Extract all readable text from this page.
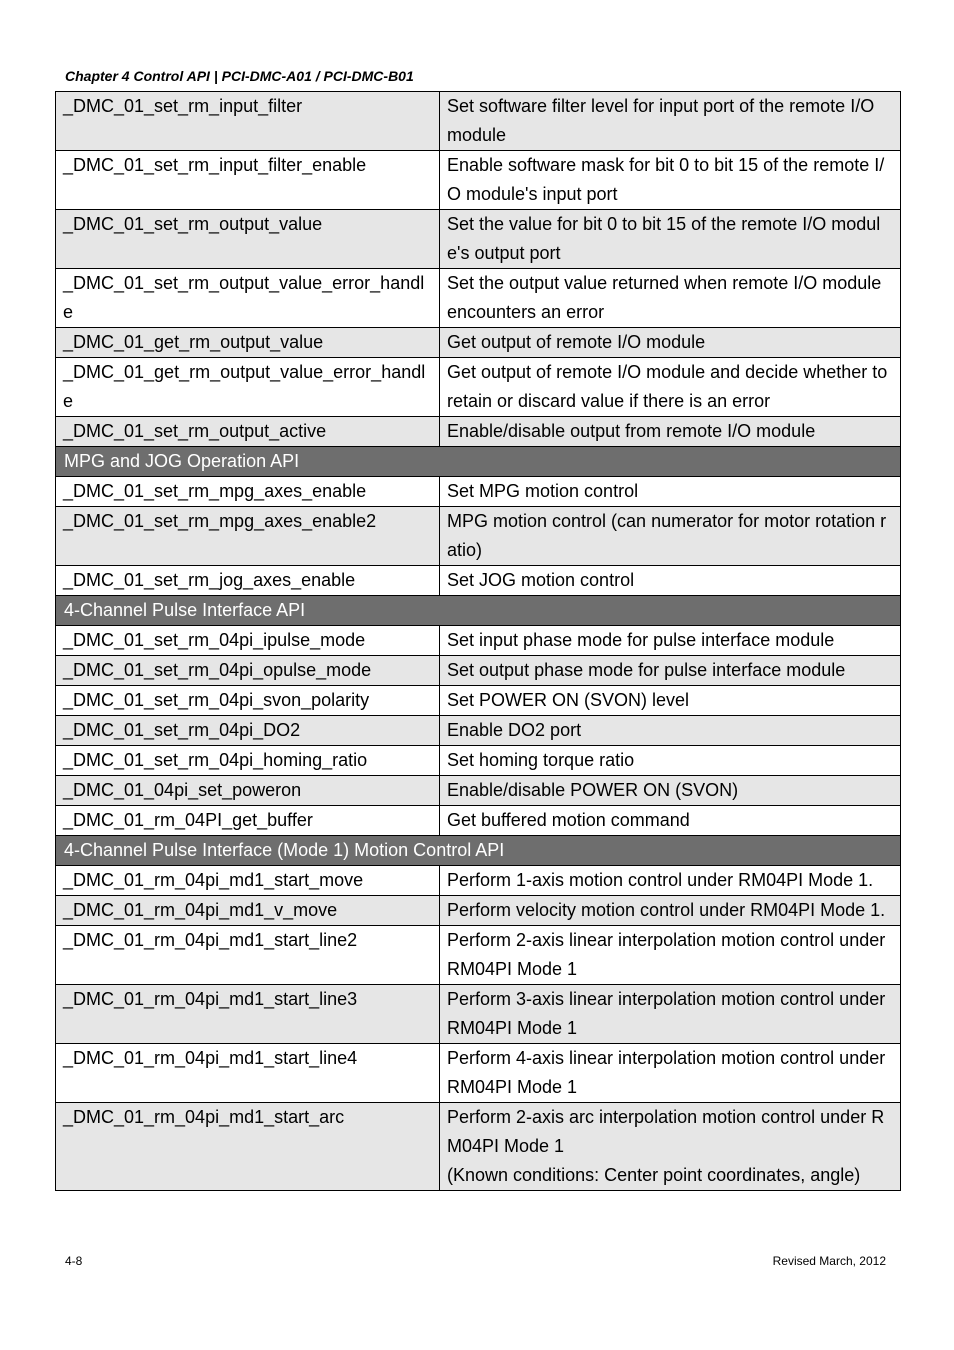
Chapter 4 Control API | PCI-DMC-A01 / PCI-DMC-B01
_DMC_01_set_rm_input_filter	Set software filter level for input port of the remote I/O module
_DMC_01_set_rm_input_filter_enable	Enable software mask for bit 0 to bit 15 of the remote I/O module's input port
_DMC_01_set_rm_output_value	Set the value for bit 0 to bit 15 of the remote I/O module's output port
_DMC_01_set_rm_output_value_error_handle	Set the output value returned when remote I/O module encounters an error
_DMC_01_get_rm_output_value	Get output of remote I/O module
_DMC_01_get_rm_output_value_error_handle	Get output of remote I/O module and decide whether to retain or discard value if there is an error
_DMC_01_set_rm_output_active	Enable/disable output from remote I/O module
MPG and JOG Operation API	
_DMC_01_set_rm_mpg_axes_enable	Set MPG motion control
_DMC_01_set_rm_mpg_axes_enable2	MPG motion control (can numerator for motor rotation ratio)
_DMC_01_set_rm_jog_axes_enable	Set JOG motion control
4-Channel Pulse Interface API	
_DMC_01_set_rm_04pi_ipulse_mode	Set input phase mode for pulse interface module
_DMC_01_set_rm_04pi_opulse_mode	Set output phase mode for pulse interface module
_DMC_01_set_rm_04pi_svon_polarity	Set POWER ON (SVON) level
_DMC_01_set_rm_04pi_DO2	Enable DO2 port
_DMC_01_set_rm_04pi_homing_ratio	Set homing torque ratio
_DMC_01_04pi_set_poweron	Enable/disable POWER ON (SVON)
_DMC_01_rm_04PI_get_buffer	Get buffered motion command
4-Channel Pulse Interface (Mode 1) Motion Control API	
_DMC_01_rm_04pi_md1_start_move	Perform 1-axis motion control under RM04PI Mode 1.
_DMC_01_rm_04pi_md1_v_move	Perform velocity motion control under RM04PI Mode 1.
_DMC_01_rm_04pi_md1_start_line2	Perform 2-axis linear interpolation motion control under RM04PI Mode 1
_DMC_01_rm_04pi_md1_start_line3	Perform 3-axis linear interpolation motion control under RM04PI Mode 1
_DMC_01_rm_04pi_md1_start_line4	Perform 4-axis linear interpolation motion control under RM04PI Mode 1
_DMC_01_rm_04pi_md1_start_arc	Perform 2-axis arc interpolation motion control under RM04PI Mode 1
(Known conditions: Center point coordinates, angle)
4-8	Revised March, 2012
